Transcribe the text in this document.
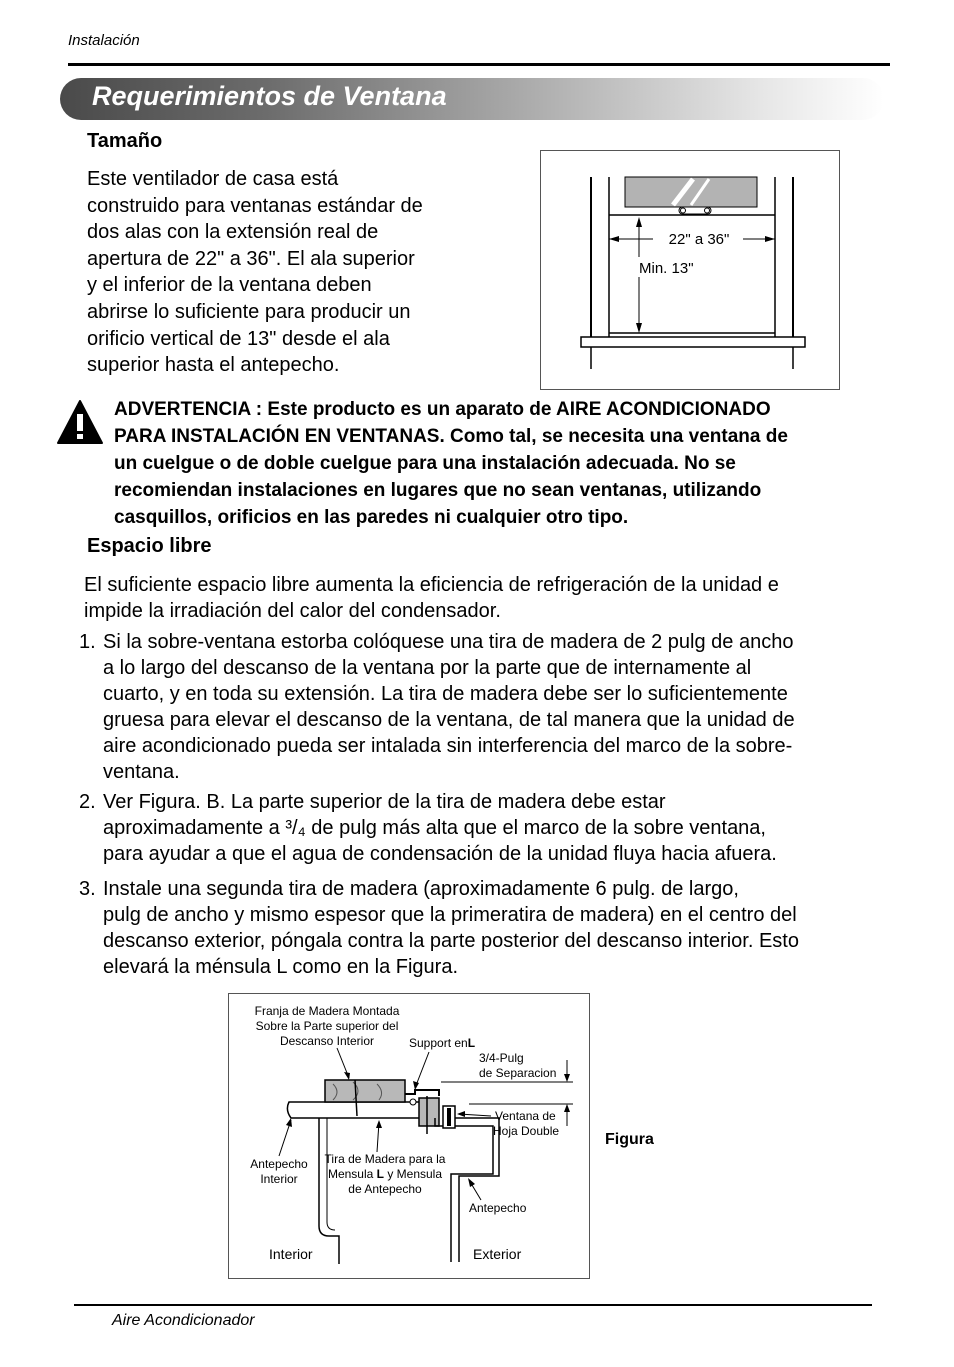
Instalación
Requerimientos de Ventana
Tamaño
Este ventilador de casa está
construido para ventanas estándar de
dos alas con la extensión real de
apertura de 22" a 36". El ala superior
y el inferior de la ventana deben
abrirse lo suficiente para producir un
orificio vertical de 13" desde el ala
superior hasta el antepecho.
22" a 36"
Min. 13"
ADVERTENCIA : Este producto es un aparato de AIRE ACONDICIONADO
PARA INSTALACIÓN EN VENTANAS. Como tal, se necesita una ventana de
un cuelgue o de doble cuelgue para una instalación adecuada. No se
recomiendan instalaciones en lugares que no sean ventanas, utilizando
casquillos, orificios en las paredes ni cualquier otro tipo.
Espacio libre
El suficiente espacio libre aumenta la eficiencia de refrigeración de la unidad e
impide la irradiación del calor del condensador.
1. Si la sobre-ventana estorba colóquese una tira de madera de 2 pulg de ancho
a lo largo del descanso de la ventana por la parte que de internamente al
cuarto, y en toda su extensión. La tira de madera debe ser lo suficientemente
gruesa para elevar el descanso de la ventana, de tal manera que la unidad de
aire acondicionado pueda ser intalada sin interferencia del marco de la sobre-
ventana.
2. Ver Figura. B. La parte superior de la tira de madera debe estar
aproximadamente a ³/₄ de pulg más alta que el marco de la sobre ventana,
para ayudar a que el agua de condensación de la unidad fluya hacia afuera.
3. Instale una segunda tira de madera (aproximadamente 6 pulg. de largo,
pulg de ancho y mismo espesor que la primeratira de madera) en el centro del
descanso exterior, póngala contra la parte posterior del descanso interior. Esto
elevará la ménsula L como en la Figura.
Franja de Madera Montada
Sobre la Parte superior del
Descanso Interior	Support enL
3/4-Pulg
de Separacion
Ventana de
Hoja Double
Antepecho
Interior
Tira de Madera para la
Mensula L y Mensula
de Antepecho
Antepecho
Interior	Exterior
Figura
Aire Acondicionador
